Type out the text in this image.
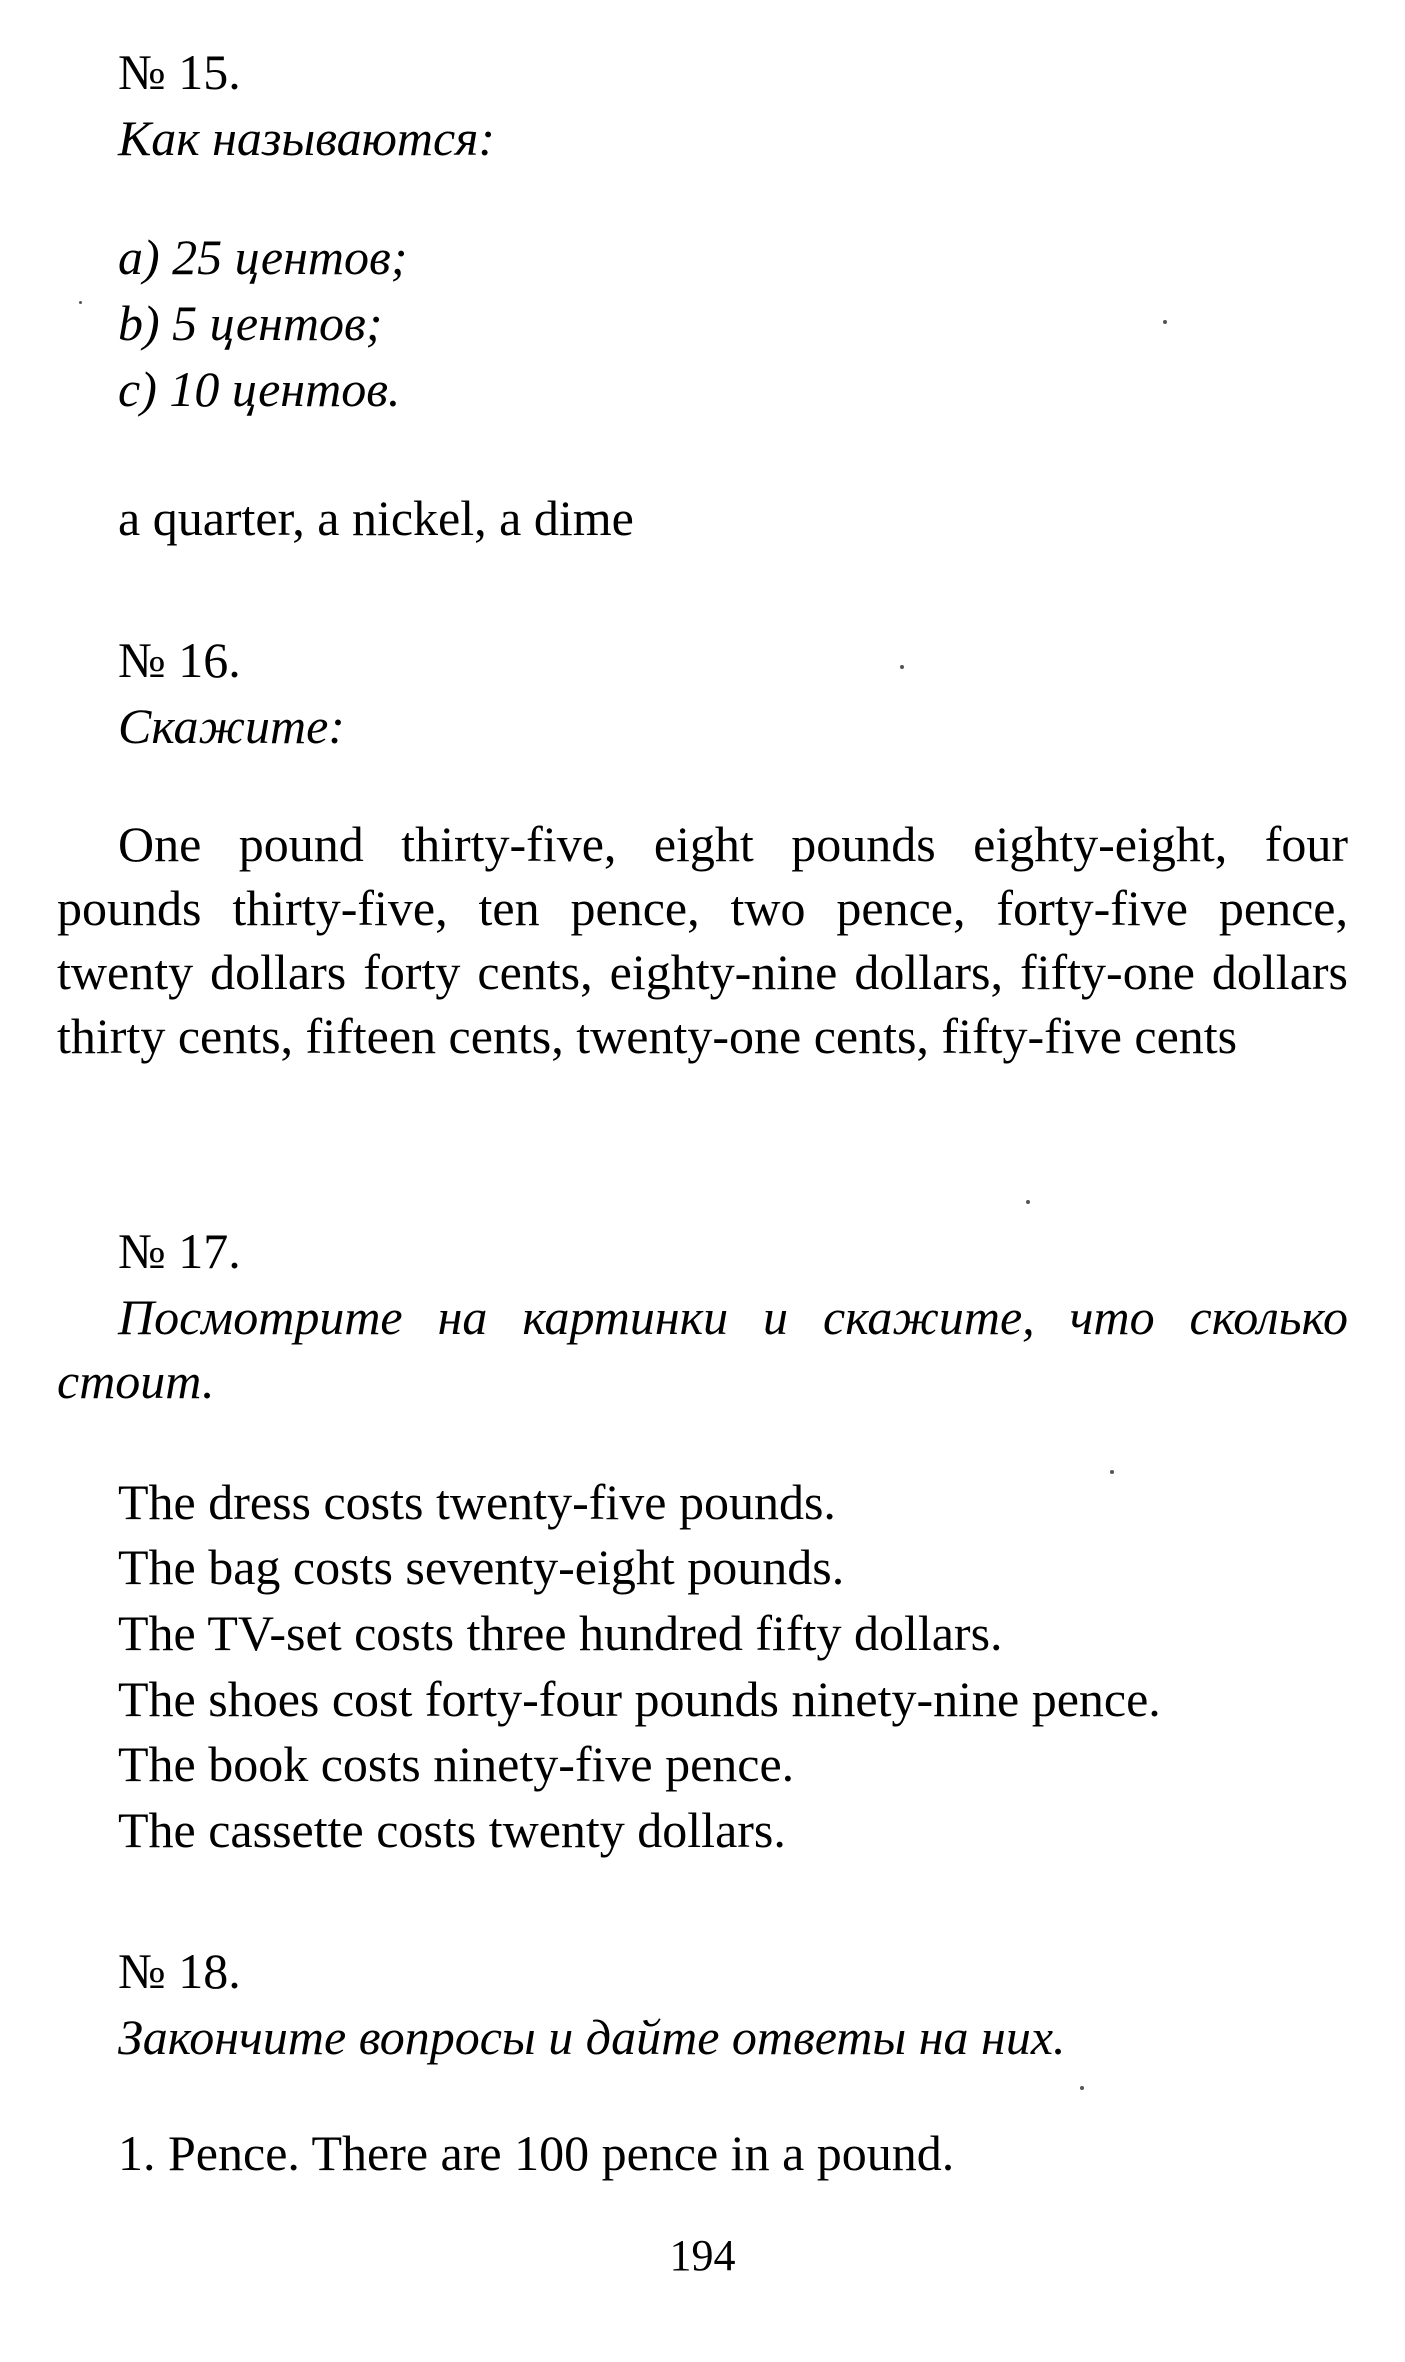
№ 15.

Как называются:

a) 25 центов;

b) 5 центов;

c) 10 центов.

a quarter, a nickel, a dime

№ 16.

Скажите:

One pound thirty-five, eight pounds eighty-eight, four pounds thirty-five, ten pence, two pence, forty-five pence, twenty dollars forty cents, eighty-nine dollars, fifty-one dollars thirty cents, fifteen cents, twenty-one cents, fifty-five cents

№ 17.

Посмотрите на картинки и скажите, что сколько стоит.

The dress costs twenty-five pounds.

The bag costs seventy-eight pounds.

The TV-set costs three hundred fifty dollars.

The shoes cost forty-four pounds ninety-nine pence.

The book costs ninety-five pence.

The cassette costs twenty dollars.

№ 18.

Закончите вопросы и дайте ответы на них.

1. Pence. There are 100 pence in a pound.

194
